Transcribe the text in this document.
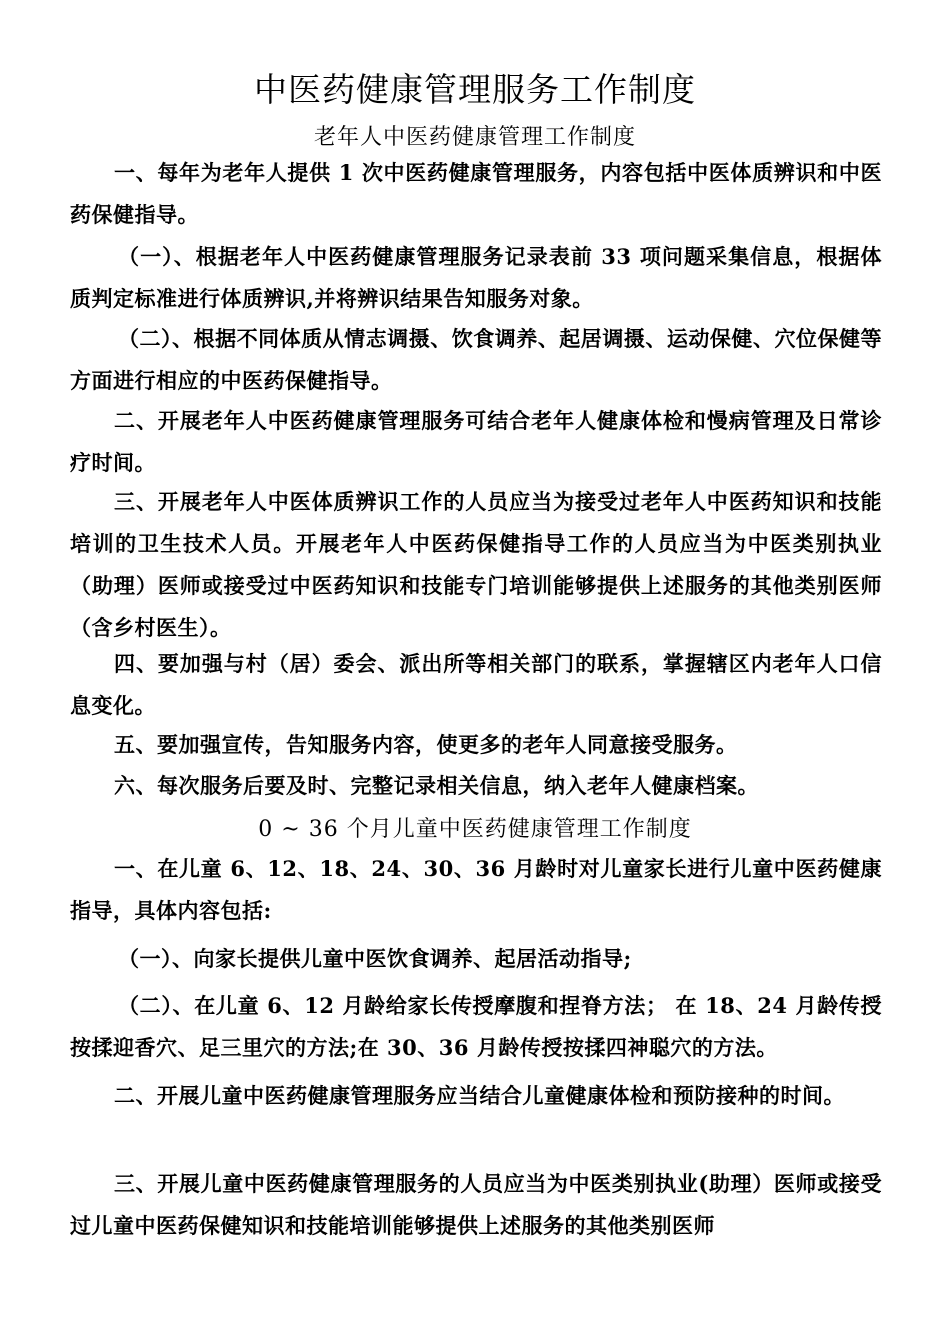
中医药健康管理服务工作制度
老年人中医药健康管理工作制度

一、每年为老年人提供 1 次中医药健康管理服务，内容包括中医体质辨识和中医药保健指导。

（一）、根据老年人中医药健康管理服务记录表前 33 项问题采集信息，根据体质判定标准进行体质辨识,并将辨识结果告知服务对象。

（二）、根据不同体质从情志调摄、饮食调养、起居调摄、运动保健、穴位保健等方面进行相应的中医药保健指导。

二、开展老年人中医药健康管理服务可结合老年人健康体检和慢病管理及日常诊疗时间。

三、开展老年人中医体质辨识工作的人员应当为接受过老年人中医药知识和技能培训的卫生技术人员。开展老年人中医药保健指导工作的人员应当为中医类别执业（助理）医师或接受过中医药知识和技能专门培训能够提供上述服务的其他类别医师（含乡村医生）。

四、要加强与村（居）委会、派出所等相关部门的联系，掌握辖区内老年人口信息变化。

五、要加强宣传，告知服务内容，使更多的老年人同意接受服务。

六、每次服务后要及时、完整记录相关信息，纳入老年人健康档案。

0 ~ 36 个月儿童中医药健康管理工作制度

一、在儿童 6、12、18、24、30、36 月龄时对儿童家长进行儿童中医药健康指导，具体内容包括:

（一）、向家长提供儿童中医饮食调养、起居活动指导;

（二）、在儿童 6、12 月龄给家长传授摩腹和捏脊方法； 在 18、24 月龄传授按揉迎香穴、足三里穴的方法;在 30、36 月龄传授按揉四神聪穴的方法。

二、开展儿童中医药健康管理服务应当结合儿童健康体检和预防接种的时间。

三、开展儿童中医药健康管理服务的人员应当为中医类别执业(助理）医师或接受过儿童中医药保健知识和技能培训能够提供上述服务的其他类别医师
